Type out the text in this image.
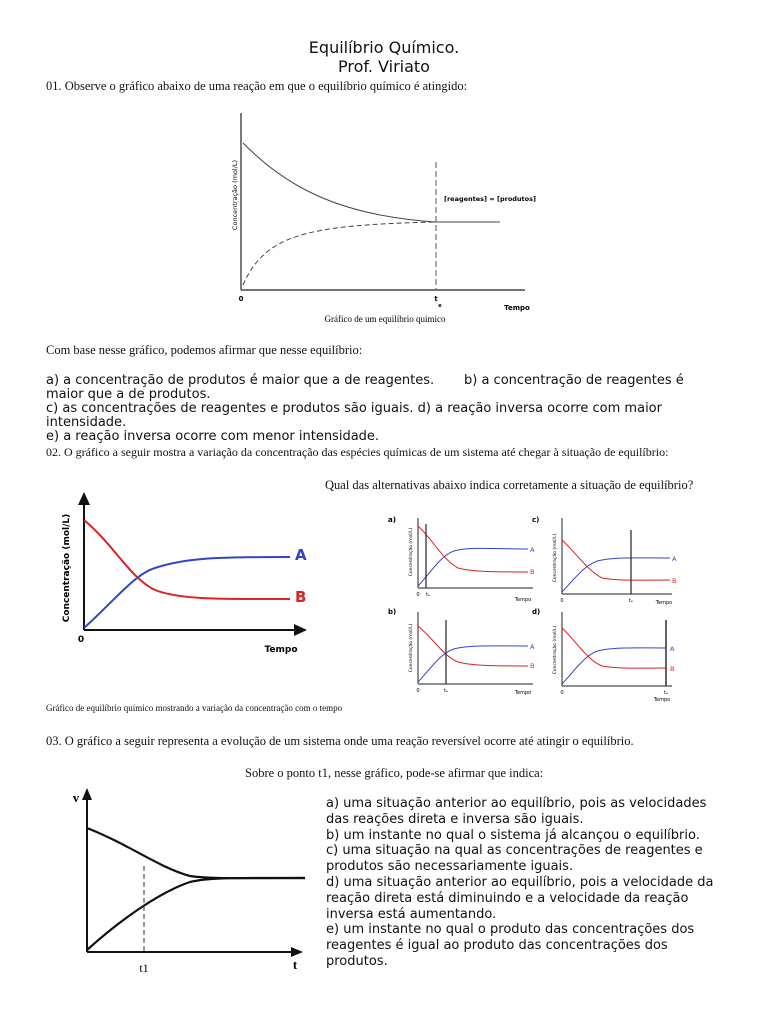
Equilíbrio Químico.
Prof. Viriato
01. Observe o gráfico abaixo de uma reação em que o equilíbrio químico é atingido:
Concentração (mol/L)
0	t
e	Tempo
[reagentes] = [produtos]
Gráfico de um equilíbrio químico
Com base nesse gráfico, podemos afirmar que nesse equilíbrio:
a) a concentração de produtos é maior que a de reagentes. b) a concentração de reagentes é
maior que a de produtos.
c) as concentrações de reagentes e produtos são iguais. d) a reação inversa ocorre com maior
intensidade.
e) a reação inversa ocorre com menor intensidade.
02. O gráfico a seguir mostra a variação da concentração das espécies químicas de um sistema até chegar à situação de equilíbrio:
Qual das alternativas abaixo indica corretamente a situação de equilíbrio?
A
B
Concentração (mol/L)
0
Tempo
a)
A
B
Concentração (mol/L)
0 tₑ
Tempo
c)
A
B
Concentração (mol/L)
0	tₑ	Tempo
b)
A
B
Concentração (mol/L)
0	tₑ	Tempo
d)
A
B
Concentração (mol/L)
0	tₑ
Tempo
Gráfico de equilíbrio químico mostrando a variação da concentração com o tempo
03. O gráfico a seguir representa a evolução de um sistema onde uma reação reversível ocorre até atingir o equilíbrio.
Sobre o ponto t1, nesse gráfico, pode-se afirmar que indica:
v
t
t1
a) uma situação anterior ao equilíbrio, pois as velocidades
das reações direta e inversa são iguais.
b) um instante no qual o sistema já alcançou o equilíbrio.
c) uma situação na qual as concentrações de reagentes e
produtos são necessariamente iguais.
d) uma situação anterior ao equilíbrio, pois a velocidade da
reação direta está diminuindo e a velocidade da reação
inversa está aumentando.
e) um instante no qual o produto das concentrações dos
reagentes é igual ao produto das concentrações dos
produtos.
